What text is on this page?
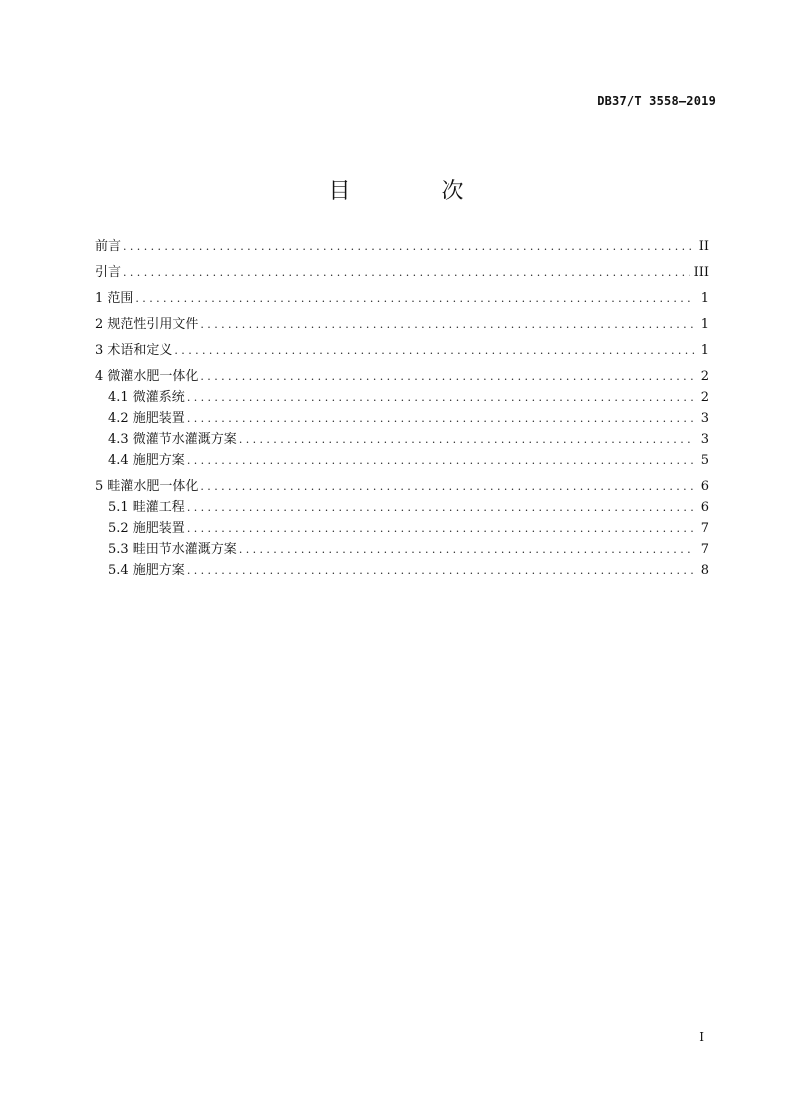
DB37/T 3558—2019
目 次
前言 .....	II
引言 .....	III
1 范围 .....	1
2 规范性引用文件 .....	1
3 术语和定义 .....	1
4 微灌水肥一体化 .....	2
4.1 微灌系统 .....	2
4.2 施肥装置 .....	3
4.3 微灌节水灌溉方案 .....	3
4.4 施肥方案 .....	5
5 畦灌水肥一体化 .....	6
5.1 畦灌工程 .....	6
5.2 施肥装置 .....	7
5.3 畦田节水灌溉方案 .....	7
5.4 施肥方案 .....	8
I
